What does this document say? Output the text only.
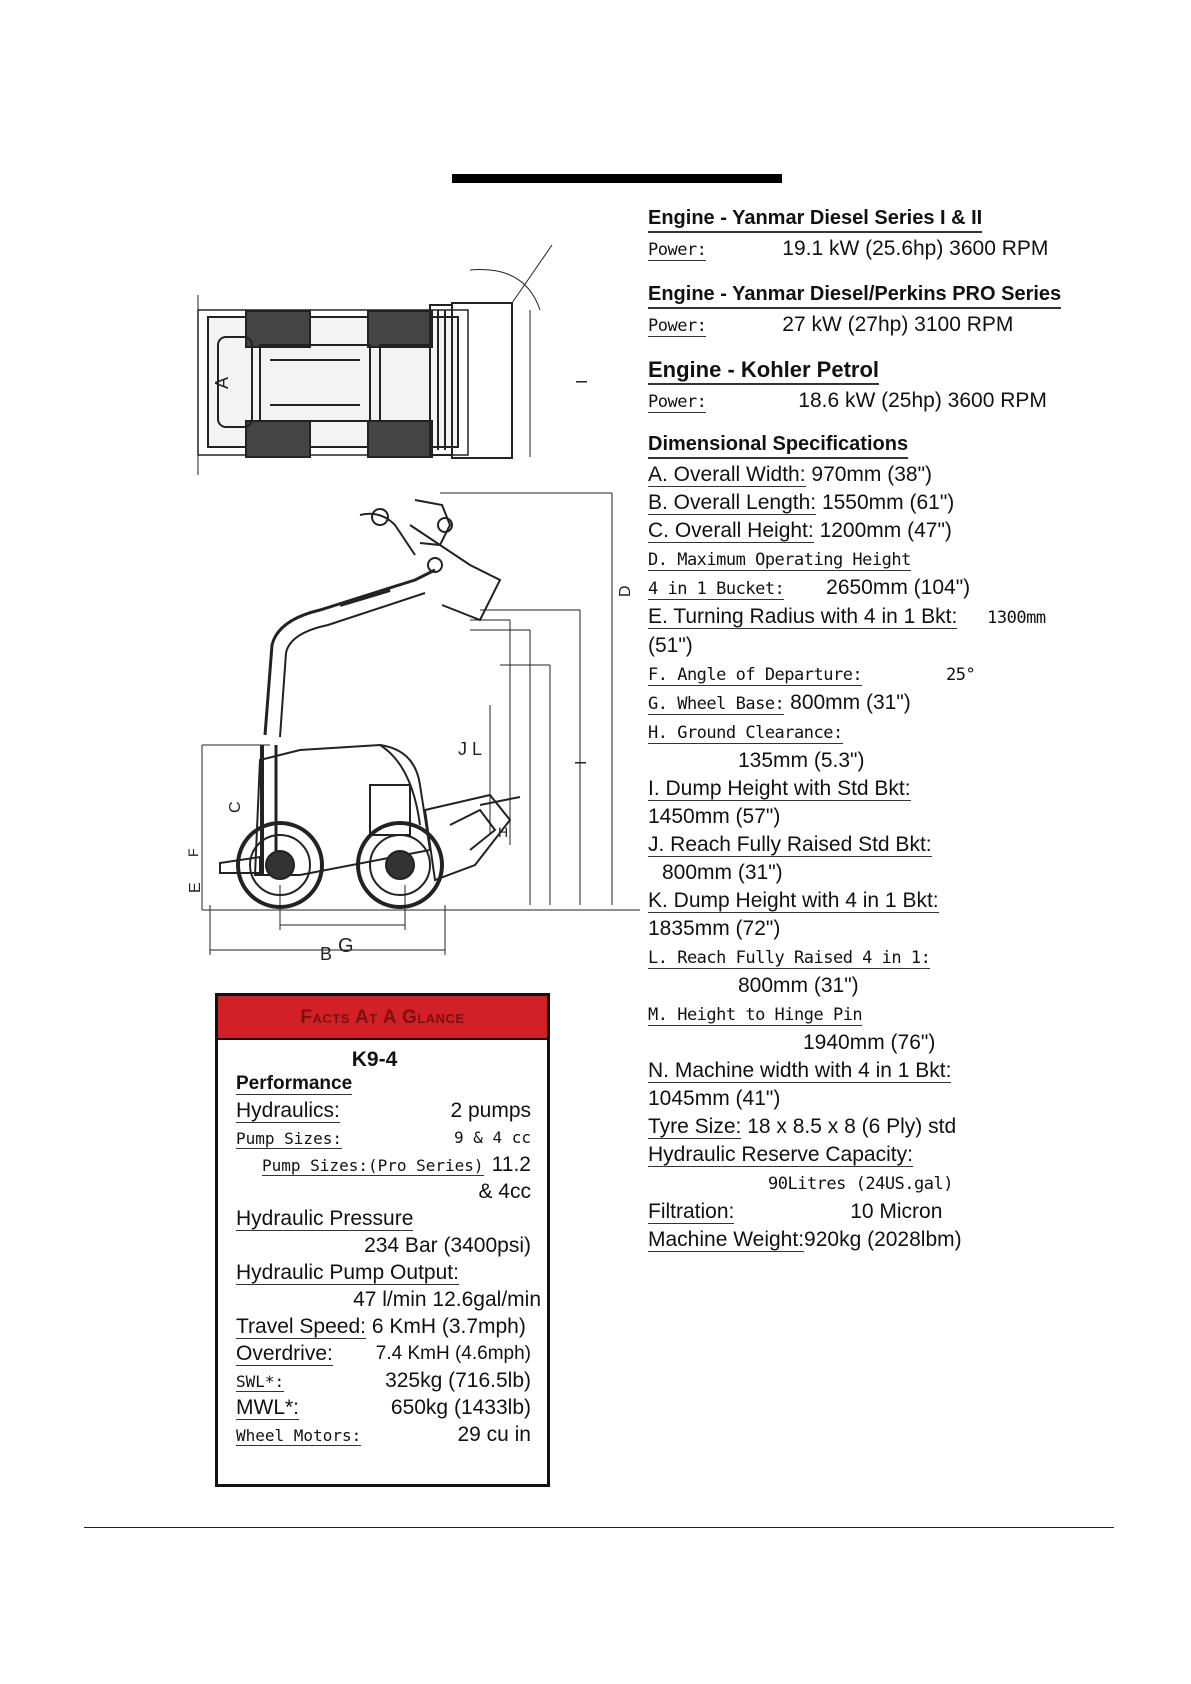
A	I
D
J L
I
C
E
F
H
B G
Engine - Yanmar Diesel Series I & II
Power:	19.1 kW (25.6hp) 3600 RPM
Engine - Yanmar Diesel/Perkins PRO Series
Power:	27 kW (27hp) 3100 RPM
Engine - Kohler Petrol
Power:	18.6 kW (25hp) 3600 RPM
Dimensional Specifications
A. Overall Width: 970mm (38")
B. Overall Length: 1550mm (61")
C. Overall Height: 1200mm (47")
D. Maximum Operating Height
4 in 1 Bucket: 2650mm (104")
E. Turning Radius with 4 in 1 Bkt: 1300mm
(51")
F. Angle of Departure:	25°
G. Wheel Base: 800mm (31")
H. Ground Clearance:
135mm (5.3")
I. Dump Height with Std Bkt:
1450mm (57")
J. Reach Fully Raised Std Bkt:
800mm (31")
K. Dump Height with 4 in 1 Bkt:
1835mm (72")
L. Reach Fully Raised 4 in 1:
800mm (31")
M. Height to Hinge Pin
1940mm (76")
N. Machine width with 4 in 1 Bkt:
1045mm (41")
Tyre Size: 18 x 8.5 x 8 (6 Ply) std
Hydraulic Reserve Capacity:
90Litres (24US.gal)
Filtration:	10 Micron
Machine Weight:920kg (2028lbm)
Facts At A Glance
K9-4
Performance
Hydraulics:	2 pumps
Pump Sizes:	9 & 4 cc
Pump Sizes:(Pro Series) 11.2
& 4cc
Hydraulic Pressure
234 Bar (3400psi)
Hydraulic Pump Output:
47 l/min 12.6gal/min
Travel Speed: 6 KmH (3.7mph)
Overdrive: 7.4 KmH (4.6mph)
SWL*:	325kg (716.5lb)
MWL*:	650kg (1433lb)
Wheel Motors:	29 cu in
